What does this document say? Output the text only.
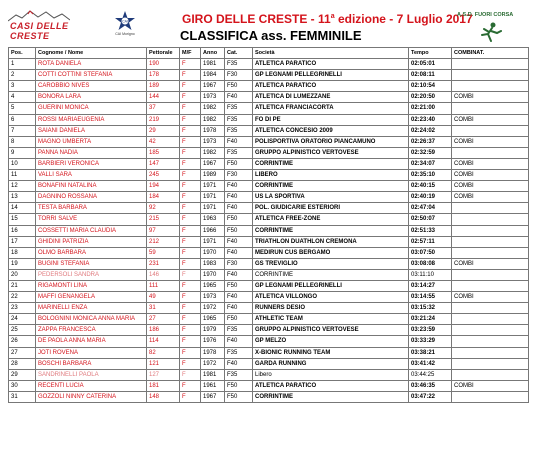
CASI DELLE CRESTE
CAI
CAI Morigno
GIRO DELLE CRESTE - 11$^a$ edizione - 7 Luglio 2017
CLASSIFICA ass. FEMMINILE
A.S.D. FUORI CORSA
Pos.	Cognome / Nome	Pettorale	M/F	Anno	Cat.	Società	Tempo	COMBINAT.
1	ROTA DANIELA	190	F	1981	F35	ATLETICA PARATICO	02:05:01	
2	COTTI COTTINI STEFANIA	178	F	1984	F30	GP LEGNAMI PELLEGRINELLI	02:08:11	
3	CAROBBIO NIVES	189	F	1967	F50	ATLETICA PARATICO	02:10:54	
4	BONORA LARA	144	F	1973	F40	ATLETICA DI LUMEZZANE	02:20:50	COMBI
5	GUERINI MONICA	37	F	1982	F35	ATLETICA FRANCIACORTA	02:21:00	
6	ROSSI MARIAEUGENIA	219	F	1982	F35	FO DI PE	02:23:40	COMBI
7	SAIANI DANIELA	29	F	1978	F35	ATLETICA CONCESIO 2009	02:24:02	
8	MAGNO UMBERTA	42	F	1973	F40	POLISPORTIVA ORATORIO PIANCAMUNO	02:26:37	COMBI
9	PANNA NADIA	185	F	1982	F35	GRUPPO ALPINISTICO VERTOVESE	02:32:59	
10	BARBIERI VERONICA	147	F	1967	F50	CORRINTIME	02:34:07	COMBI
11	VALLI SARA	245	F	1989	F30	LIBERO	02:35:10	COMBI
12	BONAFINI NATALINA	194	F	1971	F40	CORRINTIME	02:40:15	COMBI
13	DAGNINO ROSSANA	184	F	1971	F40	US LA SPORTIVA	02:40:19	COMBI
14	TESTA BARBARA	92	F	1971	F40	POL. GIUDICARIE ESTERIORI	02:47:04	
15	TORRI SALVE	215	F	1963	F50	ATLETICA FREE-ZONE	02:50:07	
16	COSSETTI MARIA CLAUDIA	97	F	1966	F50	CORRINTIME	02:51:33	
17	GHIDINI PATRIZIA	212	F	1971	F40	TRIATHLON DUATHLON CREMONA	02:57:11	
18	OLMO BARBARA	59	F	1970	F40	MEDIRUN CUS BERGAMO	03:07:50	
19	BUGINI STEFANIA	231	F	1983	F30	GS TREVIGLIO	03:08:08	COMBI
20	PEDERSOLI SANDRA	146	F	1970	F40	CORRINTIME	03:11:10	
21	RIGAMONTI LINA	111	F	1965	F50	GP LEGNAMI PELLEGRINELLI	03:14:27	
22	MAFFI GENANGELA	49	F	1973	F40	ATLETICA VILLONGO	03:14:55	COMBI
23	MARINELLI ENZA	31	F	1972	F40	RUNNERS DESIO	03:15:32	
24	BOLOGNINI MONICA ANNA MARIA	27	F	1965	F50	ATHLETIC TEAM	03:21:24	
25	ZAPPA FRANCESCA	186	F	1979	F35	GRUPPO ALPINISTICO VERTOVESE	03:23:59	
26	DE PAOLA ANNA MARIA	114	F	1976	F40	GP MELZO	03:33:29	
27	JOTI ROVENA	82	F	1978	F35	X-BIONIC RUNNING TEAM	03:38:21	
28	BOSCHI BARBARA	121	F	1972	F40	GARDA RUNNING	03:41:42	
29	SANDRINELLI PAOLA	127	F	1981	F35	Libero	03:44:25	
30	RECENTI LUCIA	181	F	1961	F50	ATLETICA PARATICO	03:46:35	COMBI
31	GOZZOLI NINNY CATERINA	148	F	1967	F50	CORRINTIME	03:47:22	
